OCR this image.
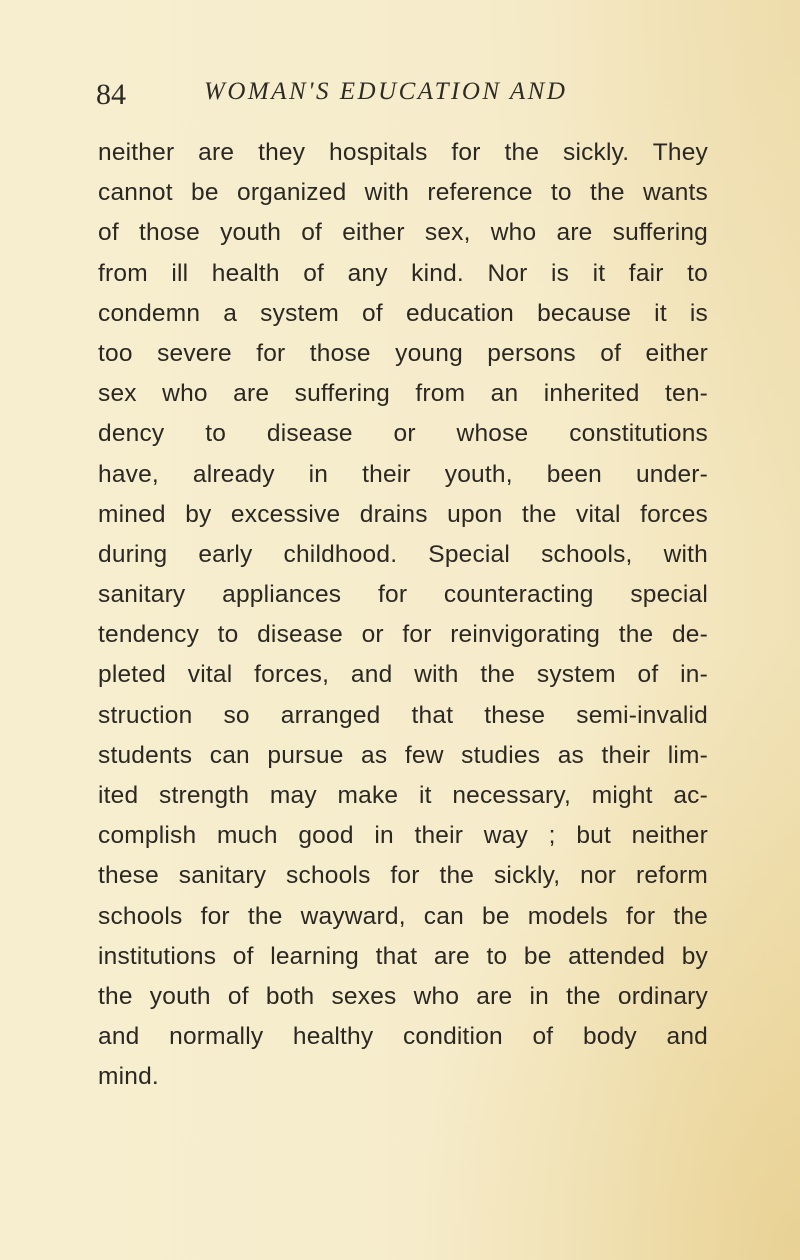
84	WOMAN'S EDUCATION AND
neither are they hospitals for the sickly. They
cannot be organized with reference to the wants
of those youth of either sex, who are suffering
from ill health of any kind. Nor is it fair to
condemn a system of education because it is
too severe for those young persons of either
sex who are suffering from an inherited ten-
dency to disease or whose constitutions
have, already in their youth, been under-
mined by excessive drains upon the vital forces
during early childhood. Special schools, with
sanitary appliances for counteracting special
tendency to disease or for reinvigorating the de-
pleted vital forces, and with the system of in-
struction so arranged that these semi-invalid
students can pursue as few studies as their lim-
ited strength may make it necessary, might ac-
complish much good in their way ; but neither
these sanitary schools for the sickly, nor reform
schools for the wayward, can be models for the
institutions of learning that are to be attended by
the youth of both sexes who are in the ordinary
and normally healthy condition of body and
mind.
